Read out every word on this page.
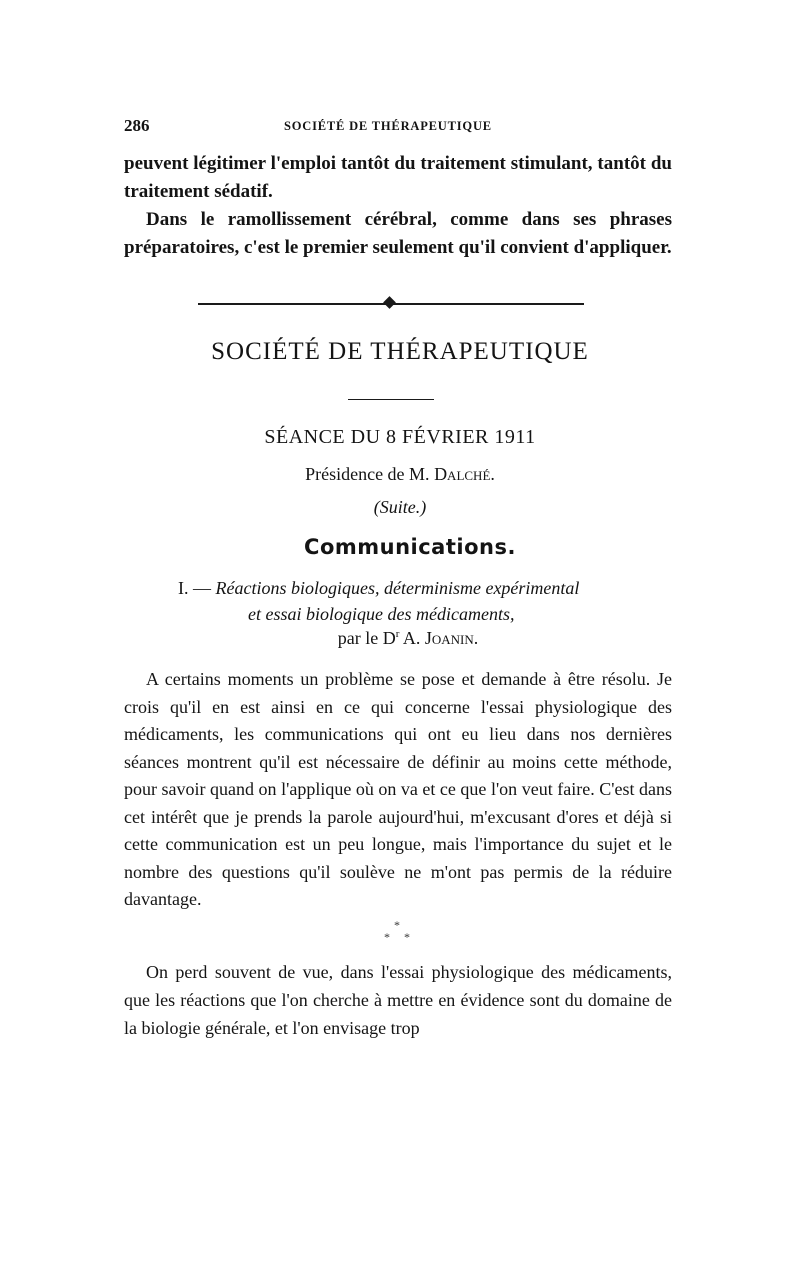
286	SOCIÉTÉ DE THÉRAPEUTIQUE

peuvent légitimer l'emploi tantôt du traitement stimulant, tantôt du traitement sédatif.

Dans le ramollissement cérébral, comme dans ses phrases préparatoires, c'est le premier seulement qu'il convient d'appliquer.

SOCIÉTÉ DE THÉRAPEUTIQUE
SÉANCE DU 8 FÉVRIER 1911
Présidence de M. Dalché.
(Suite.)
Communications.
I. — Réactions biologiques, déterminisme expérimental
et essai biologique des médicaments,
par le $D^r$ A. Joanin.
A certains moments un problème se pose et demande à être résolu. Je crois qu'il en est ainsi en ce qui concerne l'essai physiologique des médicaments, les communications qui ont eu lieu dans nos dernières séances montrent qu'il est nécessaire de définir au moins cette méthode, pour savoir quand on l'applique où on va et ce que l'on veut faire. C'est dans cet intérêt que je prends la parole aujourd'hui, m'excusant d'ores et déjà si cette communication est un peu longue, mais l'importance du sujet et le nombre des questions qu'il soulève ne m'ont pas permis de la réduire davantage.
*
* *

On perd souvent de vue, dans l'essai physiologique des médicaments, que les réactions que l'on cherche à mettre en évidence sont du domaine de la biologie générale, et l'on envisage trop
